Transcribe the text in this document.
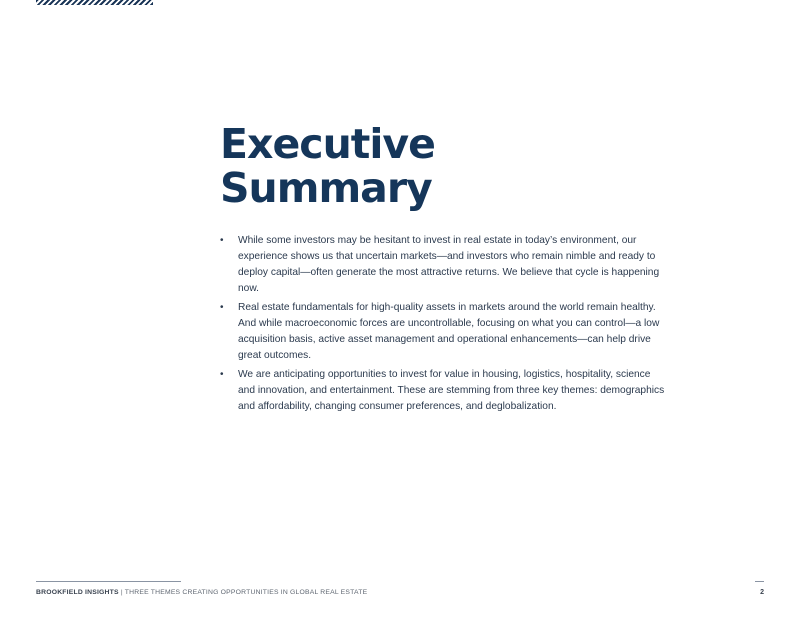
Executive
Summary
• While some investors may be hesitant to invest in real estate in today’s environment, our experience shows us that uncertain markets—and investors who remain nimble and ready to deploy capital—often generate the most attractive returns. We believe that cycle is happening now.
• Real estate fundamentals for high-quality assets in markets around the world remain healthy. And while macroeconomic forces are uncontrollable, focusing on what you can control—a low acquisition basis, active asset management and operational enhancements—can help drive great outcomes.
• We are anticipating opportunities to invest for value in housing, logistics, hospitality, science and innovation, and entertainment. These are stemming from three key themes: demographics and affordability, changing consumer preferences, and deglobalization.
BROOKFIELD INSIGHTS | THREE THEMES CREATING OPPORTUNITIES IN GLOBAL REAL ESTATE	2
